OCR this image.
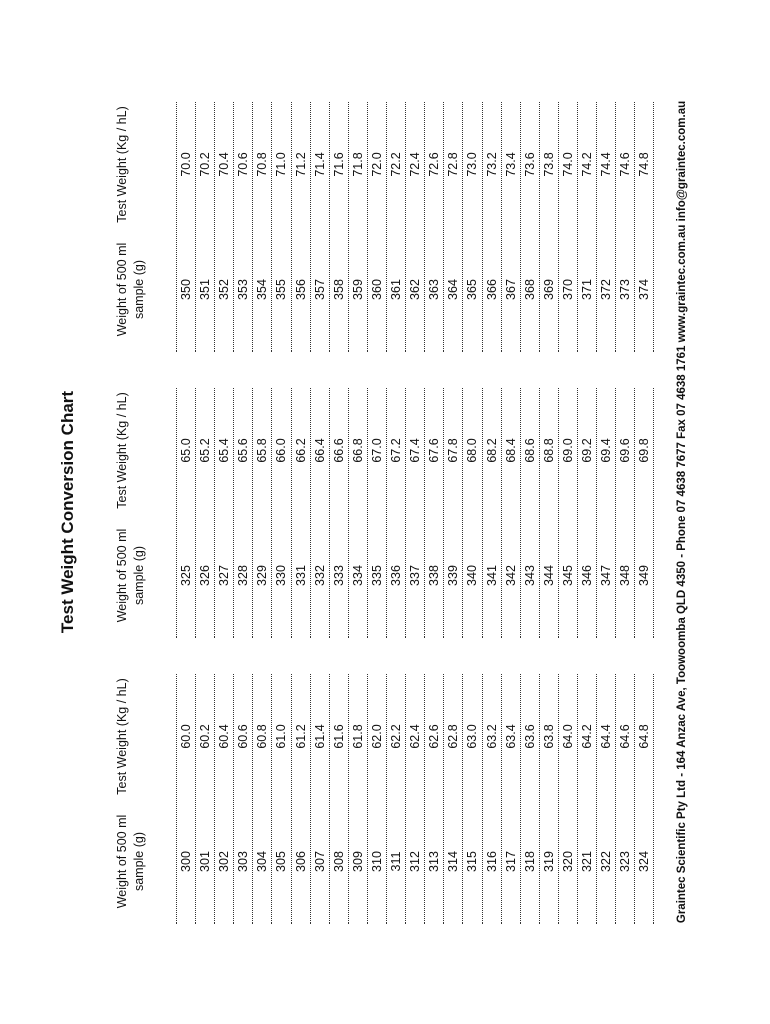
Test Weight Conversion Chart
Weight of 500 ml sample (g)
Test Weight (Kg / hL)
300
60.0
301
60.2
302
60.4
303
60.6
304
60.8
305
61.0
306
61.2
307
61.4
308
61.6
309
61.8
310
62.0
311
62.2
312
62.4
313
62.6
314
62.8
315
63.0
316
63.2
317
63.4
318
63.6
319
63.8
320
64.0
321
64.2
322
64.4
323
64.6
324
64.8
Weight of 500 ml sample (g)
Test Weight (Kg / hL)
325
65.0
326
65.2
327
65.4
328
65.6
329
65.8
330
66.0
331
66.2
332
66.4
333
66.6
334
66.8
335
67.0
336
67.2
337
67.4
338
67.6
339
67.8
340
68.0
341
68.2
342
68.4
343
68.6
344
68.8
345
69.0
346
69.2
347
69.4
348
69.6
349
69.8
Weight of 500 ml sample (g)
Test Weight (Kg / hL)
350
70.0
351
70.2
352
70.4
353
70.6
354
70.8
355
71.0
356
71.2
357
71.4
358
71.6
359
71.8
360
72.0
361
72.2
362
72.4
363
72.6
364
72.8
365
73.0
366
73.2
367
73.4
368
73.6
369
73.8
370
74.0
371
74.2
372
74.4
373
74.6
374
74.8 Graintec Scientific Pty Ltd - 164 Anzac Ave, Toowoomba QLD 4350 - Phone 07 4638 7677 Fax 07 4638 1761 www.graintec.com.au info@graintec.com.au
